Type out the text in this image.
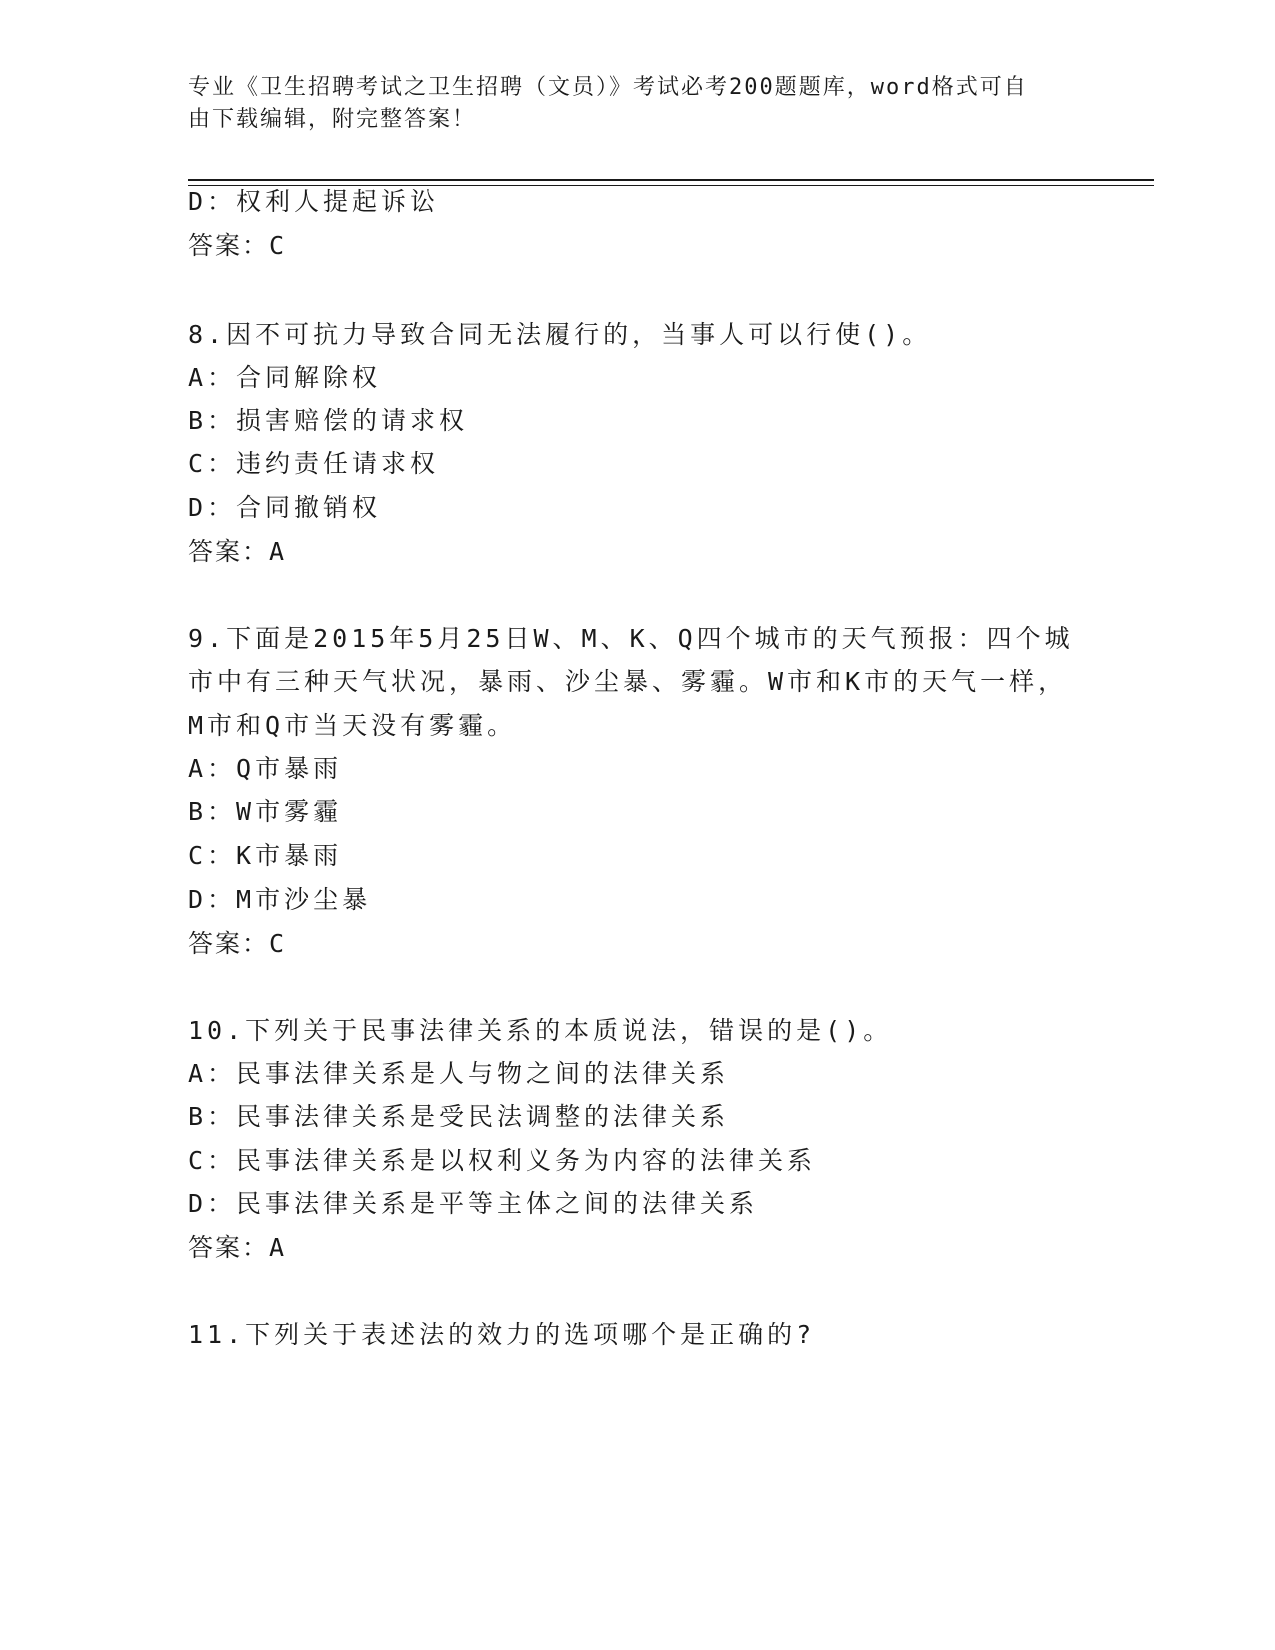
专业《卫生招聘考试之卫生招聘（文员）》考试必考200题题库，word格式可自
由下载编辑，附完整答案！
D：权利人提起诉讼
答案：C
8.因不可抗力导致合同无法履行的，当事人可以行使()。
A：合同解除权
B：损害赔偿的请求权
C：违约责任请求权
D：合同撤销权
答案：A
9.下面是2015年5月25日W、M、K、Q四个城市的天气预报：四个城
市中有三种天气状况，暴雨、沙尘暴、雾霾。W市和K市的天气一样，
M市和Q市当天没有雾霾。
A：Q市暴雨
B：W市雾霾
C：K市暴雨
D：M市沙尘暴
答案：C
10.下列关于民事法律关系的本质说法，错误的是()。
A：民事法律关系是人与物之间的法律关系
B：民事法律关系是受民法调整的法律关系
C：民事法律关系是以权利义务为内容的法律关系
D：民事法律关系是平等主体之间的法律关系
答案：A
11.下列关于表述法的效力的选项哪个是正确的?
